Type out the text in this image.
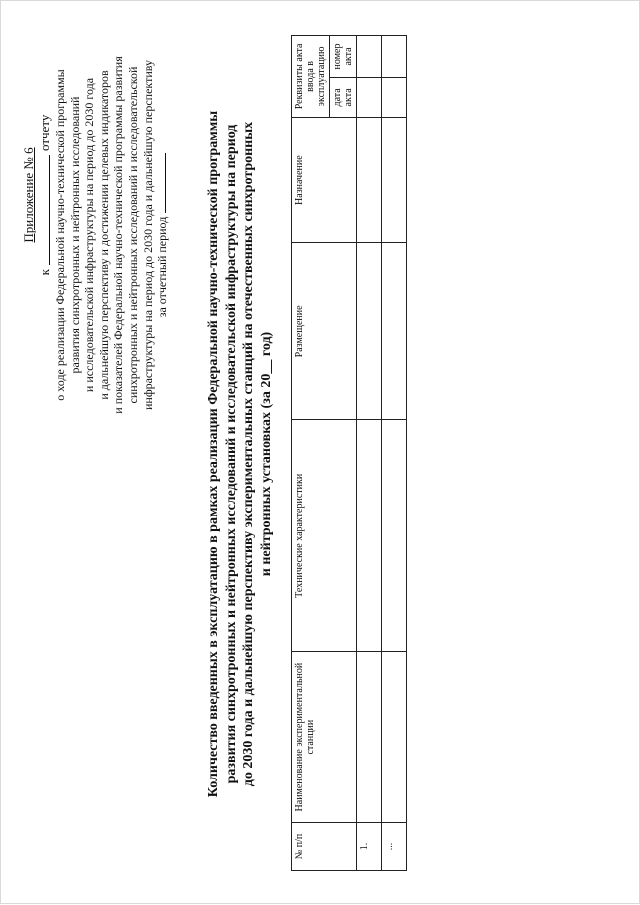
Приложение № 6
к
отчету о ходе реализации Федеральной научно-технической программы развития синхротронных и нейтронных исследований и исследовательской инфраструктуры на период до 2030 года и дальнейшую перспективу и достижении целевых индикаторов и показателей Федеральной научно-технической программы развития синхротронных и нейтронных исследований и исследовательской инфраструктуры на период до 2030 года и дальнейшую перспективу за отчетный период	Количество введенных в эксплуатацию в рамках реализации Федеральной научно-технической программы развития синхротронных и нейтронных исследований и исследовательской инфраструктуры на период до 2030 года и дальнейшую перспективу экспериментальных станций на отечественных синхротронных и нейтронных установках (за 20__ год)
№ п/п	Наименование экспериментальной станции	Технические характеристики	Размещение	Назначение	Реквизиты акта ввода в эксплуатацию	
					дата акта	номер акта
1.						
...						
